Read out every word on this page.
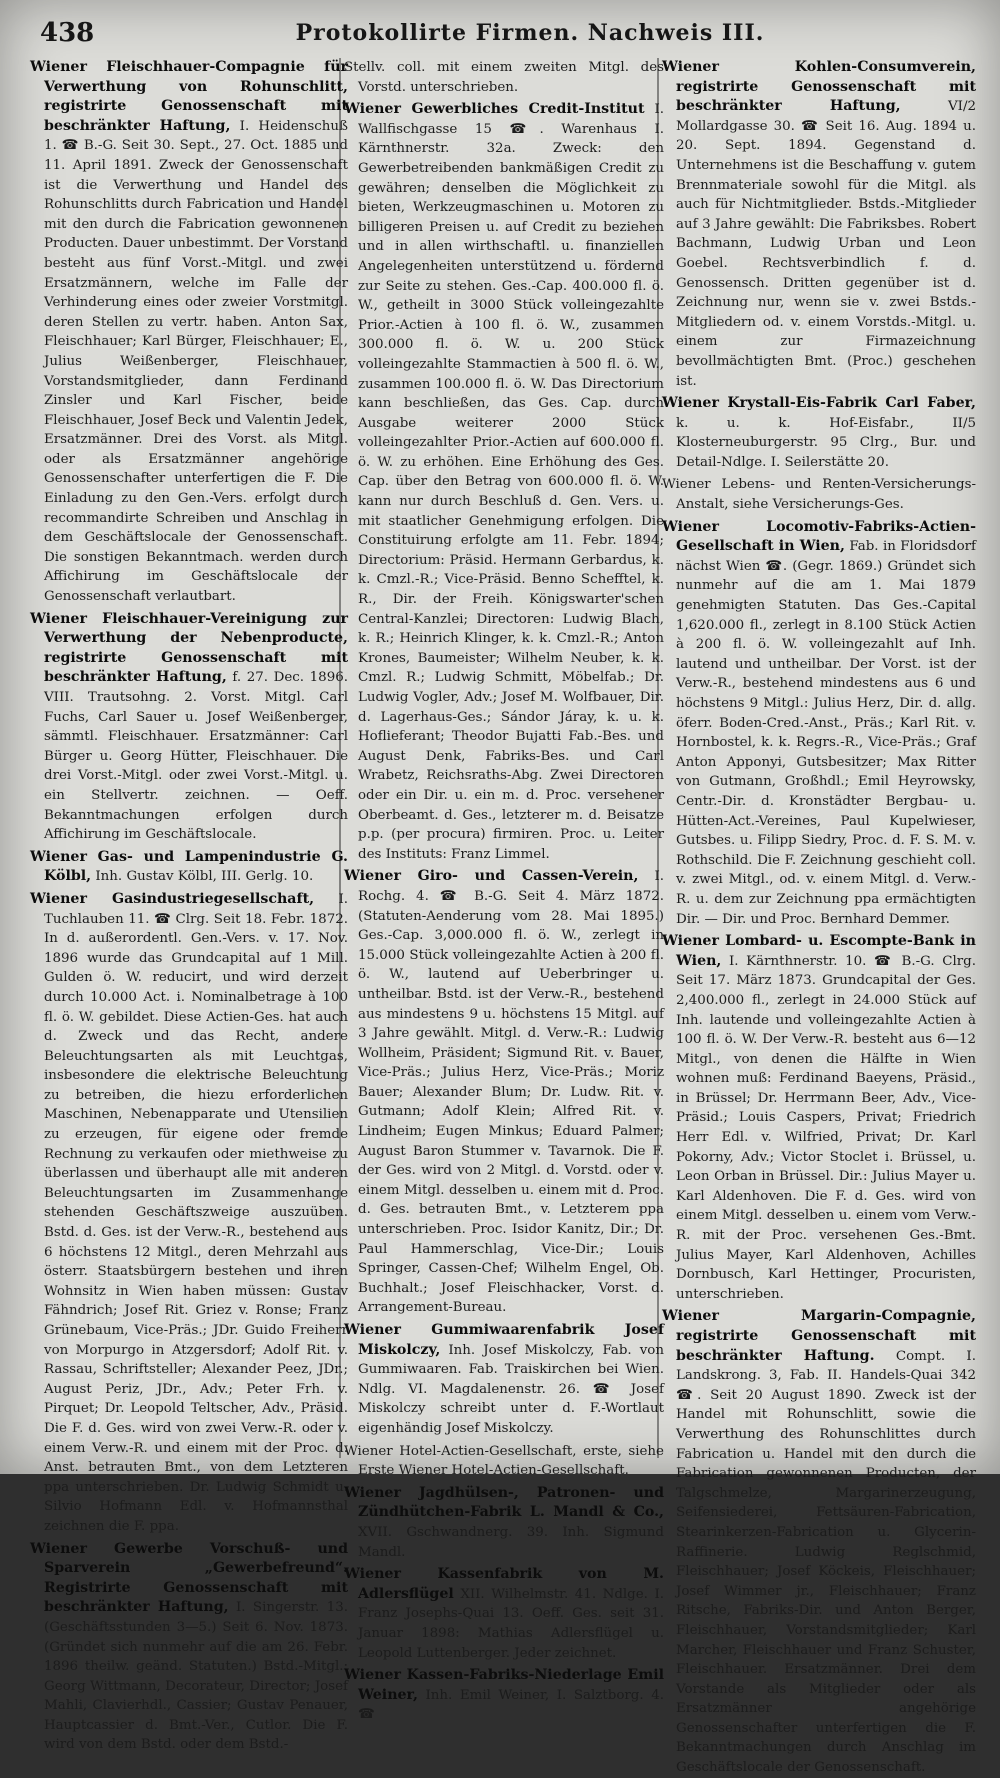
438	Protokollirte Firmen. Nachweis III.
Wiener Fleischhauer-Compagnie für Verwerthung von Rohunschlitt, registrirte Genossenschaft mit beschränkter Haftung, I. Heidenschuß 1. ☎ B.-G. Seit 30. Sept., 27. Oct. 1885 und 11. April 1891. Zweck der Genossenschaft ist die Verwerthung und Handel des Rohunschlitts durch Fabrication und Handel mit den durch die Fabrication gewonnenen Producten. Dauer unbestimmt. Der Vorstand besteht aus fünf Vorst.-Mitgl. und zwei Ersatzmännern, welche im Falle der Verhinderung eines oder zweier Vorstmitgl. deren Stellen zu vertr. haben. Anton Sax, Fleischhauer; Karl Bürger, Fleischhauer; E., Julius Weißenberger, Fleischhauer, Vorstandsmitglieder, dann Ferdinand Zinsler und Karl Fischer, beide Fleischhauer, Josef Beck und Valentin Jedek, Ersatzmänner. Drei des Vorst. als Mitgl. oder als Ersatzmänner angehörige Genossenschafter unterfertigen die F. Die Einladung zu den Gen.-Vers. erfolgt durch recommandirte Schreiben und Anschlag in dem Geschäftslocale der Genossenschaft. Die sonstigen Bekanntmach. werden durch Affichirung im Geschäftslocale der Genossenschaft verlautbart.
Wiener Fleischhauer-Vereinigung zur Verwerthung der Nebenproducte, registrirte Genossenschaft mit beschränkter Haftung, f. 27. Dec. 1896. VIII. Trautsohng. 2. Vorst. Mitgl. Carl Fuchs, Carl Sauer u. Josef Weißenberger, sämmtl. Fleischhauer. Ersatzmänner: Carl Bürger u. Georg Hütter, Fleischhauer. Die drei Vorst.-Mitgl. oder zwei Vorst.-Mitgl. u. ein Stellvertr. zeichnen. — Oeff. Bekanntmachungen erfolgen durch Affichirung im Geschäftslocale.
Wiener Gas- und Lampenindustrie G. Kölbl, Inh. Gustav Kölbl, III. Gerlg. 10.
Wiener Gasindustriegesellschaft, I. Tuchlauben 11. ☎ Clrg. Seit 18. Febr. 1872. In d. außerordentl. Gen.-Vers. v. 17. Nov. 1896 wurde das Grundcapital auf 1 Mill. Gulden ö. W. reducirt, und wird derzeit durch 10.000 Act. i. Nominalbetrage à 100 fl. ö. W. gebildet. Diese Actien-Ges. hat auch d. Zweck und das Recht, andere Beleuchtungsarten als mit Leuchtgas, insbesondere die elektrische Beleuchtung zu betreiben, die hiezu erforderlichen Maschinen, Nebenapparate und Utensilien zu erzeugen, für eigene oder fremde Rechnung zu verkaufen oder miethweise zu überlassen und überhaupt alle mit anderen Beleuchtungsarten im Zusammenhange stehenden Geschäftszweige auszuüben. Bstd. d. Ges. ist der Verw.-R., bestehend aus 6 höchstens 12 Mitgl., deren Mehrzahl aus österr. Staatsbürgern bestehen und ihren Wohnsitz in Wien haben müssen: Gustav Fähndrich; Josef Rit. Griez v. Ronse; Franz Grünebaum, Vice-Präs.; JDr. Guido Freiherr von Morpurgo in Atzgersdorf; Adolf Rit. v. Rassau, Schriftsteller; Alexander Peez, JDr.; August Periz, JDr., Adv.; Peter Frh. v. Pirquet; Dr. Leopold Teltscher, Adv., Präsid. Die F. d. Ges. wird von zwei Verw.-R. oder v. einem Verw.-R. und einem mit der Proc. d. Anst. betrauten Bmt., von dem Letzteren ppa unterschrieben. Dr. Ludwig Schmidt u. Silvio Hofmann Edl. v. Hofmannsthal zeichnen die F. ppa.
Wiener Gewerbe Vorschuß- und Sparverein „Gewerbefreund“. Registrirte Genossenschaft mit beschränkter Haftung, I. Singerstr. 13. (Geschäftsstunden 3—5.) Seit 6. Nov. 1873. (Gründet sich nunmehr auf die am 26. Febr. 1896 theilw. geänd. Statuten.) Bstd.-Mitgl.: Georg Wittmann, Decorateur, Director; Josef Mahli, Clavierhdl., Cassier; Gustav Penauer, Hauptcassier d. Bmt.-Ver., Cutlor. Die F. wird von dem Bstd. oder dem Bstd.-
Stellv. coll. mit einem zweiten Mitgl. des Vorstd. unterschrieben.
Wiener Gewerbliches Credit-Institut I. Wallfischgasse 15 ☎. Warenhaus I. Kärnthnerstr. 32a. Zweck: den Gewerbetreibenden bankmäßigen Credit zu gewähren; denselben die Möglichkeit zu bieten, Werkzeugmaschinen u. Motoren zu billigeren Preisen u. auf Credit zu beziehen und in allen wirthschaftl. u. finanziellen Angelegenheiten unterstützend u. fördernd zur Seite zu stehen. Ges.-Cap. 400.000 fl. ö. W., getheilt in 3000 Stück volleingezahlte Prior.-Actien à 100 fl. ö. W., zusammen 300.000 fl. ö. W. u. 200 Stück volleingezahlte Stammactien à 500 fl. ö. W., zusammen 100.000 fl. ö. W. Das Directorium kann beschließen, das Ges. Cap. durch Ausgabe weiterer 2000 Stück volleingezahlter Prior.-Actien auf 600.000 fl. ö. W. zu erhöhen. Eine Erhöhung des Ges. Cap. über den Betrag von 600.000 fl. ö. W. kann nur durch Beschluß d. Gen. Vers. u. mit staatlicher Genehmigung erfolgen. Die Constituirung erfolgte am 11. Febr. 1894; Directorium: Präsid. Hermann Gerbardus, k. k. Cmzl.-R.; Vice-Präsid. Benno Schefftel, k. R., Dir. der Freih. Königswarter'schen Central-Kanzlei; Directoren: Ludwig Blach, k. R.; Heinrich Klinger, k. k. Cmzl.-R.; Anton Krones, Baumeister; Wilhelm Neuber, k. k. Cmzl. R.; Ludwig Schmitt, Möbelfab.; Dr. Ludwig Vogler, Adv.; Josef M. Wolfbauer, Dir. d. Lagerhaus-Ges.; Sándor Járay, k. u. k. Hoflieferant; Theodor Bujatti Fab.-Bes. und August Denk, Fabriks-Bes. und Carl Wrabetz, Reichsraths-Abg. Zwei Directoren oder ein Dir. u. ein m. d. Proc. versehener Oberbeamt. d. Ges., letzterer m. d. Beisatze p.p. (per procura) firmiren. Proc. u. Leiter des Instituts: Franz Limmel.
Wiener Giro- und Cassen-Verein, I. Rochg. 4. ☎ B.-G. Seit 4. März 1872. (Statuten-Aenderung vom 28. Mai 1895.) Ges.-Cap. 3,000.000 fl. ö. W., zerlegt in 15.000 Stück volleingezahlte Actien à 200 fl. ö. W., lautend auf Ueberbringer u. untheilbar. Bstd. ist der Verw.-R., bestehend aus mindestens 9 u. höchstens 15 Mitgl. auf 3 Jahre gewählt. Mitgl. d. Verw.-R.: Ludwig Wollheim, Präsident; Sigmund Rit. v. Bauer, Vice-Präs.; Julius Herz, Vice-Präs.; Moriz Bauer; Alexander Blum; Dr. Ludw. Rit. v. Gutmann; Adolf Klein; Alfred Rit. v. Lindheim; Eugen Minkus; Eduard Palmer; August Baron Stummer v. Tavarnok. Die F. der Ges. wird von 2 Mitgl. d. Vorstd. oder v. einem Mitgl. desselben u. einem mit d. Proc. d. Ges. betrauten Bmt., v. Letzterem ppa unterschrieben. Proc. Isidor Kanitz, Dir.; Dr. Paul Hammerschlag, Vice-Dir.; Louis Springer, Cassen-Chef; Wilhelm Engel, Ob. Buchhalt.; Josef Fleischhacker, Vorst. d. Arrangement-Bureau.
Wiener Gummiwaarenfabrik Josef Miskolczy, Inh. Josef Miskolczy, Fab. von Gummiwaaren. Fab. Traiskirchen bei Wien. Ndlg. VI. Magdalenenstr. 26. ☎ Josef Miskolczy schreibt unter d. F.-Wortlaut eigenhändig Josef Miskolczy.
Wiener Hotel-Actien-Gesellschaft, erste, siehe Erste Wiener Hotel-Actien-Gesellschaft.
Wiener Jagdhülsen-, Patronen- und Zündhütchen-Fabrik L. Mandl & Co., XVII. Gschwandnerg. 39. Inh. Sigmund Mandl.
Wiener Kassenfabrik von M. Adlersflügel XII. Wilhelmstr. 41. Ndlge. I. Franz Josephs-Quai 13. Oeff. Ges. seit 31. Januar 1898: Mathias Adlersflügel u. Leopold Luttenberger. Jeder zeichnet.
Wiener Kassen-Fabriks-Niederlage Emil Weiner, Inh. Emil Weiner, I. Salztborg. 4. ☎
Wiener Kohlen-Consumverein, registrirte Genossenschaft mit beschränkter Haftung,	VI/2 Mollardgasse 30. ☎ Seit 16. Aug. 1894 u. 20. Sept. 1894. Gegenstand d. Unternehmens ist die Beschaffung v. gutem Brennmateriale sowohl für die Mitgl. als auch für Nichtmitglieder. Bstds.-Mitglieder auf 3 Jahre gewählt: Die Fabriksbes. Robert Bachmann, Ludwig Urban und Leon Goebel. Rechtsverbindlich f. d. Genossensch. Dritten gegenüber ist d. Zeichnung nur, wenn sie v. zwei Bstds.-Mitgliedern od. v. einem Vorstds.-Mitgl. u. einem zur Firmazeichnung bevollmächtigten Bmt. (Proc.) geschehen ist.
Wiener Krystall-Eis-Fabrik Carl Faber, k. u. k. Hof-Eisfabr., II/5 Klosterneuburgerstr. 95 Clrg., Bur. und Detail-Ndlge. I. Seilerstätte 20.
Wiener Lebens- und Renten-Versicherungs-Anstalt, siehe Versicherungs-Ges.
Wiener Locomotiv-Fabriks-Actien-Gesellschaft in Wien, Fab. in Floridsdorf nächst Wien ☎. (Gegr. 1869.) Gründet sich nunmehr auf die am 1. Mai 1879 genehmigten Statuten. Das Ges.-Capital 1,620.000 fl., zerlegt in 8.100 Stück Actien à 200 fl. ö. W. volleingezahlt auf Inh. lautend und untheilbar. Der Vorst. ist der Verw.-R., bestehend mindestens aus 6 und höchstens 9 Mitgl.: Julius Herz, Dir. d. allg. öferr. Boden-Cred.-Anst., Präs.; Karl Rit. v. Hornbostel, k. k. Regrs.-R., Vice-Präs.; Graf Anton Apponyi, Gutsbesitzer; Max Ritter von Gutmann, Großhdl.; Emil Heyrowsky, Centr.-Dir. d. Kronstädter Bergbau- u. Hütten-Act.-Vereines, Paul Kupelwieser, Gutsbes. u. Filipp Siedry, Proc. d. F. S. M. v. Rothschild. Die F. Zeichnung geschieht coll. v. zwei Mitgl., od. v. einem Mitgl. d. Verw.-R. u. dem zur Zeichnung ppa ermächtigten Dir. — Dir. und Proc. Bernhard Demmer.
Wiener Lombard- u. Escompte-Bank in Wien, I. Kärnthnerstr. 10. ☎ B.-G. Clrg. Seit 17. März 1873. Grundcapital der Ges. 2,400.000 fl., zerlegt in 24.000 Stück auf Inh. lautende und volleingezahlte Actien à 100 fl. ö. W. Der Verw.-R. besteht aus 6—12 Mitgl., von denen die Hälfte in Wien wohnen muß: Ferdinand Baeyens, Präsid., in Brüssel; Dr. Herrmann Beer, Adv., Vice-Präsid.; Louis Caspers, Privat; Friedrich Herr Edl. v. Wilfried, Privat; Dr. Karl Pokorny, Adv.; Victor Stoclet i. Brüssel, u. Leon Orban in Brüssel. Dir.: Julius Mayer u. Karl Aldenhoven. Die F. d. Ges. wird von einem Mitgl. desselben u. einem vom Verw.-R. mit der Proc. versehenen Ges.-Bmt. Julius Mayer, Karl Aldenhoven, Achilles Dornbusch, Karl Hettinger, Procuristen, unterschrieben.
Wiener Margarin-Compagnie, registrirte Genossenschaft mit beschränkter Haftung. Compt. I. Landskrong. 3, Fab. II. Handels-Quai 342 ☎. Seit 20 August 1890. Zweck ist der Handel mit Rohunschlitt, sowie die Verwerthung des Rohunschlittes durch Fabrication u. Handel mit den durch die Fabrication gewonnenen Producten, der Talgschmelze, Margarinerzeugung, Seifensiederei, Fettsäuren-Fabrication, Stearinkerzen-Fabrication u. Glycerin-Raffinerie. Ludwig Reglschmid, Fleischhauer; Josef Köckeis, Fleischhauer; Josef Wimmer jr., Fleischhauer; Franz Ritsche, Fabriks-Dir. und Anton Berger, Fleischhauer, Vorstandsmitglieder; Karl Marcher, Fleischhauer und Franz Schuster, Fleischhauer. Ersatzmänner. Drei dem Vorstande als Mitglieder oder als Ersatzmänner angehörige Genossenschafter unterfertigen die F. Bekanntmachungen durch Anschlag im Geschäftslocale der Genossenschaft.
